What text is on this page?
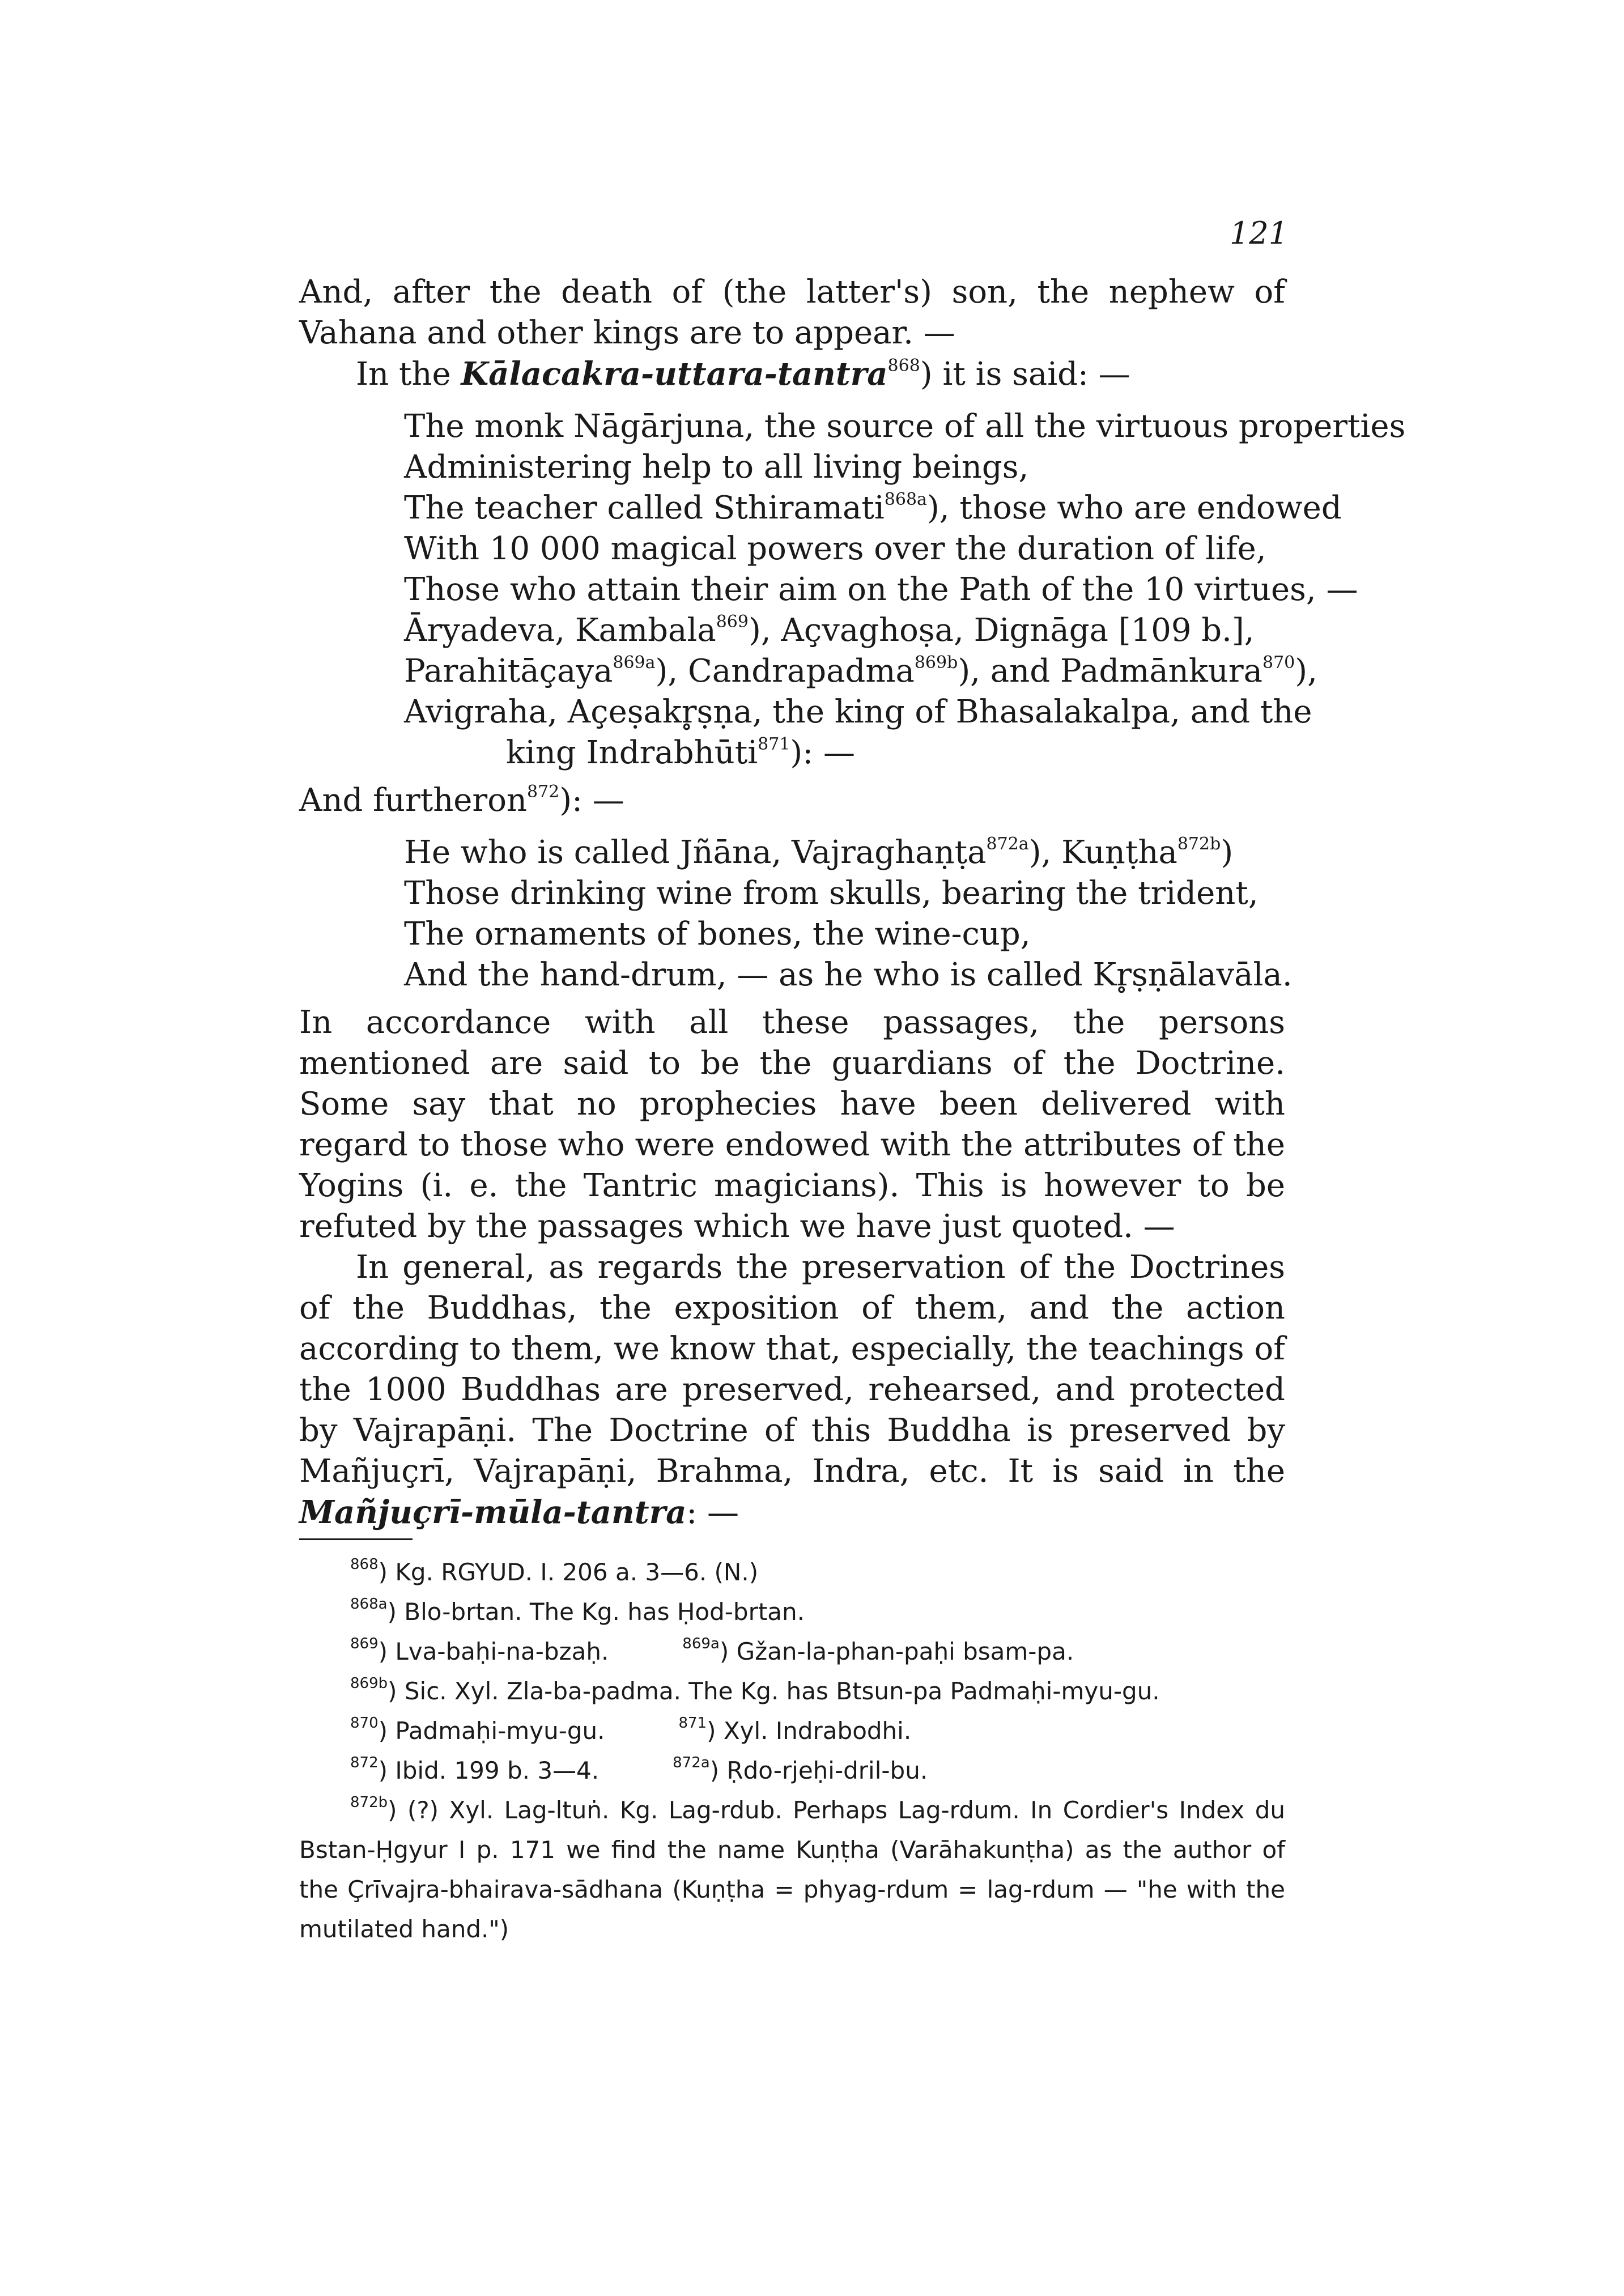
121

And, after the death of (the latter's) son, the nephew of Vahana and other kings are to appear. —

In the Kālacakra-uttara-tantra$^{868}$) it is said: —

The monk Nāgārjuna, the source of all the virtuous properties
Administering help to all living beings,
The teacher called Sthiramati$^{868a}$), those who are endowed
With 10 000 magical powers over the duration of life,
Those who attain their aim on the Path of the 10 virtues, —
Āryadeva, Kambala$^{869}$), Açvaghoṣa, Dignāga [109 b.],
Parahitāçaya$^{869a}$), Candrapadma$^{869b}$), and Padmānkura$^{870}$),
Avigraha, Açeṣakr̥ṣṇa, the king of Bhasalakalpa, and the
king Indrabhūti$^{871}$): —

And furtheron$^{872}$): —

He who is called Jñāna, Vajraghaṇṭa$^{872a}$), Kuṇṭha$^{872b}$)
Those drinking wine from skulls, bearing the trident,
The ornaments of bones, the wine-cup,
And the hand-drum, — as he who is called Kr̥ṣṇālavāla.

In accordance with all these passages, the persons mentioned are said to be the guardians of the Doctrine. Some say that no prophecies have been delivered with regard to those who were endowed with the attributes of the Yogins (i. e. the Tantric magicians). This is however to be refuted by the passages which we have just quoted. —

In general, as regards the preservation of the Doctrines of the Buddhas, the exposition of them, and the action according to them, we know that, especially, the teachings of the 1000 Buddhas are preserved, rehearsed, and protected by Vajrapāṇi. The Doctrine of this Buddha is preserved by Mañjuçrī, Vajrapāṇi, Brahma, Indra, etc. It is said in the Mañjuçrī-mūla-tantra: —

$^{868}$) Kg. RGYUD. I. 206 a. 3—6. (N.)
$^{868a}$) Blo-brtan. The Kg. has Ḥod-brtan.
$^{869}$) Lva-baḥi-na-bzaḥ.	$^{869a}$) Gžan-la-phan-paḥi bsam-pa.
$^{869b}$) Sic. Xyl. Zla-ba-padma. The Kg. has Btsun-pa Padmaḥi-myu-gu.
$^{870}$) Padmaḥi-myu-gu.	$^{871}$) Xyl. Indrabodhi.
$^{872}$) Ibid. 199 b. 3—4.	$^{872a}$) Ṛdo-rjeḥi-dril-bu.
$^{872b}$) (?) Xyl. Lag-ltuṅ. Kg. Lag-rdub. Perhaps Lag-rdum. In Cordier's Index du Bstan-Ḥgyur I p. 171 we find the name Kuṇṭha (Varāhakunṭha) as the author of the Çrīvajra-bhairava-sādhana (Kuṇṭha = phyag-rdum = lag-rdum — "he with the mutilated hand.")
